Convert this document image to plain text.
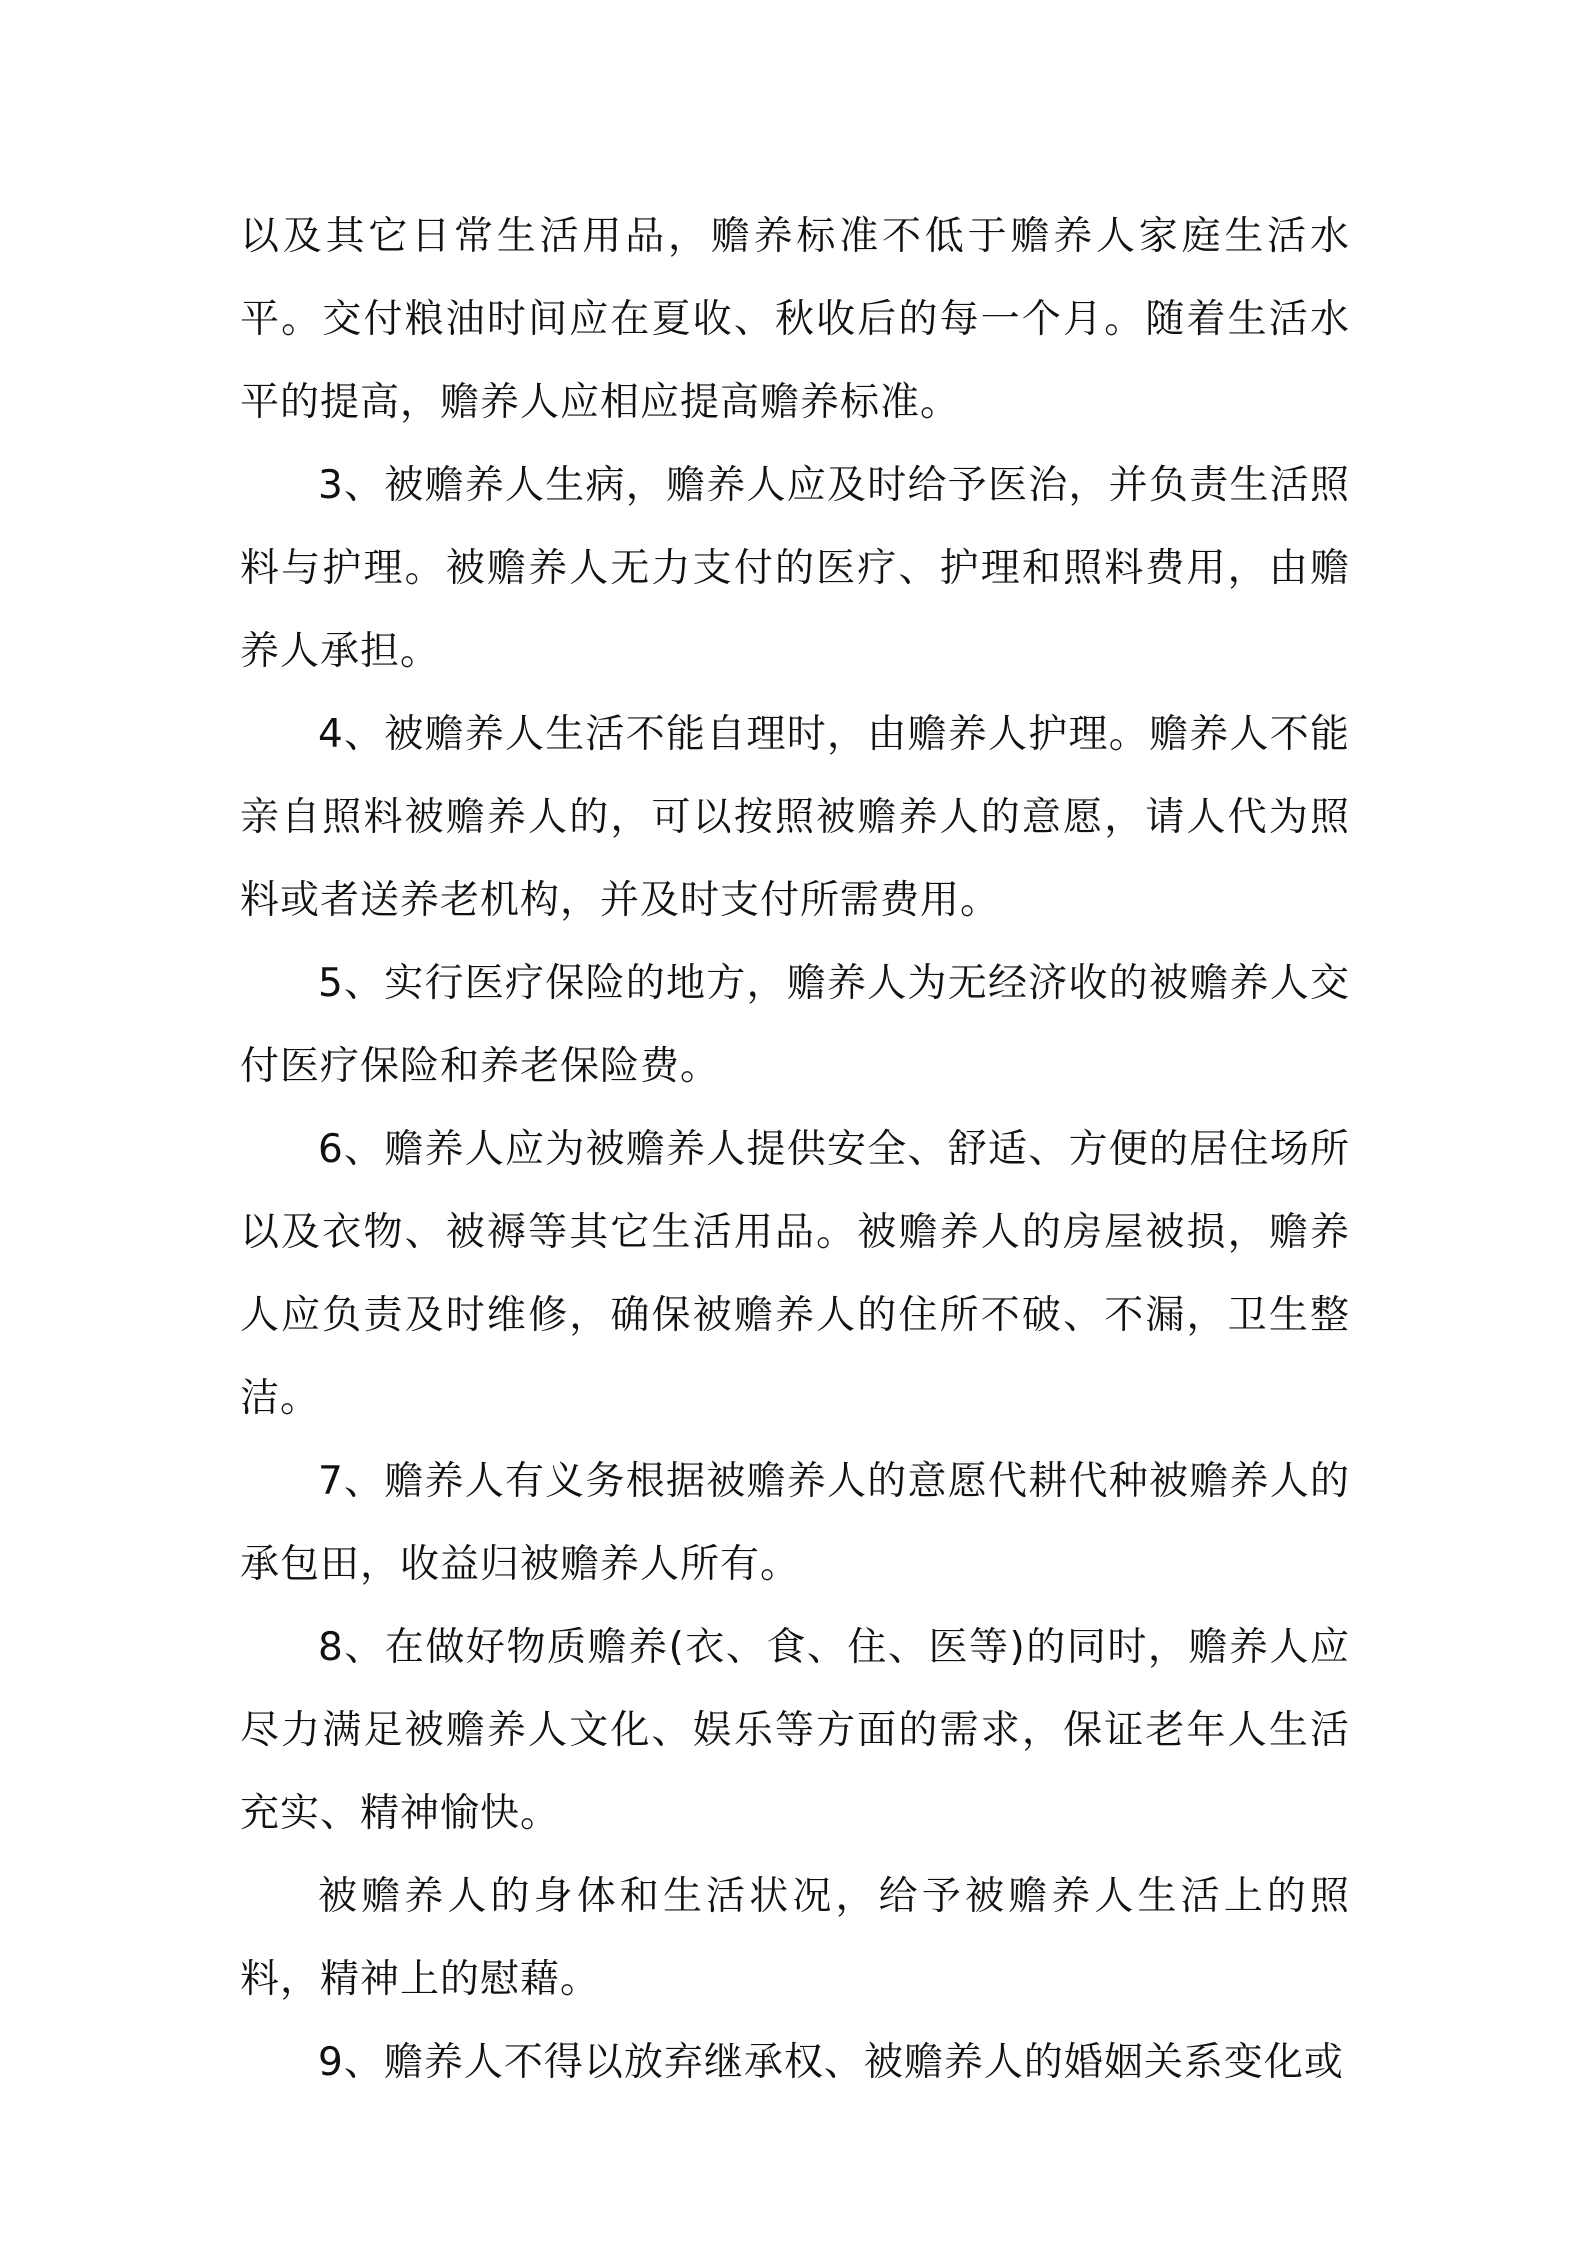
以及其它日常生活用品，赡养标准不低于赡养人家庭生活水平。交付粮油时间应在夏收、秋收后的每一个月。随着生活水平的提高，赡养人应相应提高赡养标准。

3、被赡养人生病，赡养人应及时给予医治，并负责生活照料与护理。被赡养人无力支付的医疗、护理和照料费用，由赡养人承担。

4、被赡养人生活不能自理时，由赡养人护理。赡养人不能亲自照料被赡养人的，可以按照被赡养人的意愿，请人代为照料或者送养老机构，并及时支付所需费用。

5、实行医疗保险的地方，赡养人为无经济收的被赡养人交付医疗保险和养老保险费。

6、赡养人应为被赡养人提供安全、舒适、方便的居住场所以及衣物、被褥等其它生活用品。被赡养人的房屋被损，赡养人应负责及时维修，确保被赡养人的住所不破、不漏，卫生整洁。

7、赡养人有义务根据被赡养人的意愿代耕代种被赡养人的承包田，收益归被赡养人所有。

8、在做好物质赡养(衣、食、住、医等)的同时，赡养人应尽力满足被赡养人文化、娱乐等方面的需求，保证老年人生活充实、精神愉快。

被赡养人的身体和生活状况，给予被赡养人生活上的照料，精神上的慰藉。

9、赡养人不得以放弃继承权、被赡养人的婚姻关系变化或
